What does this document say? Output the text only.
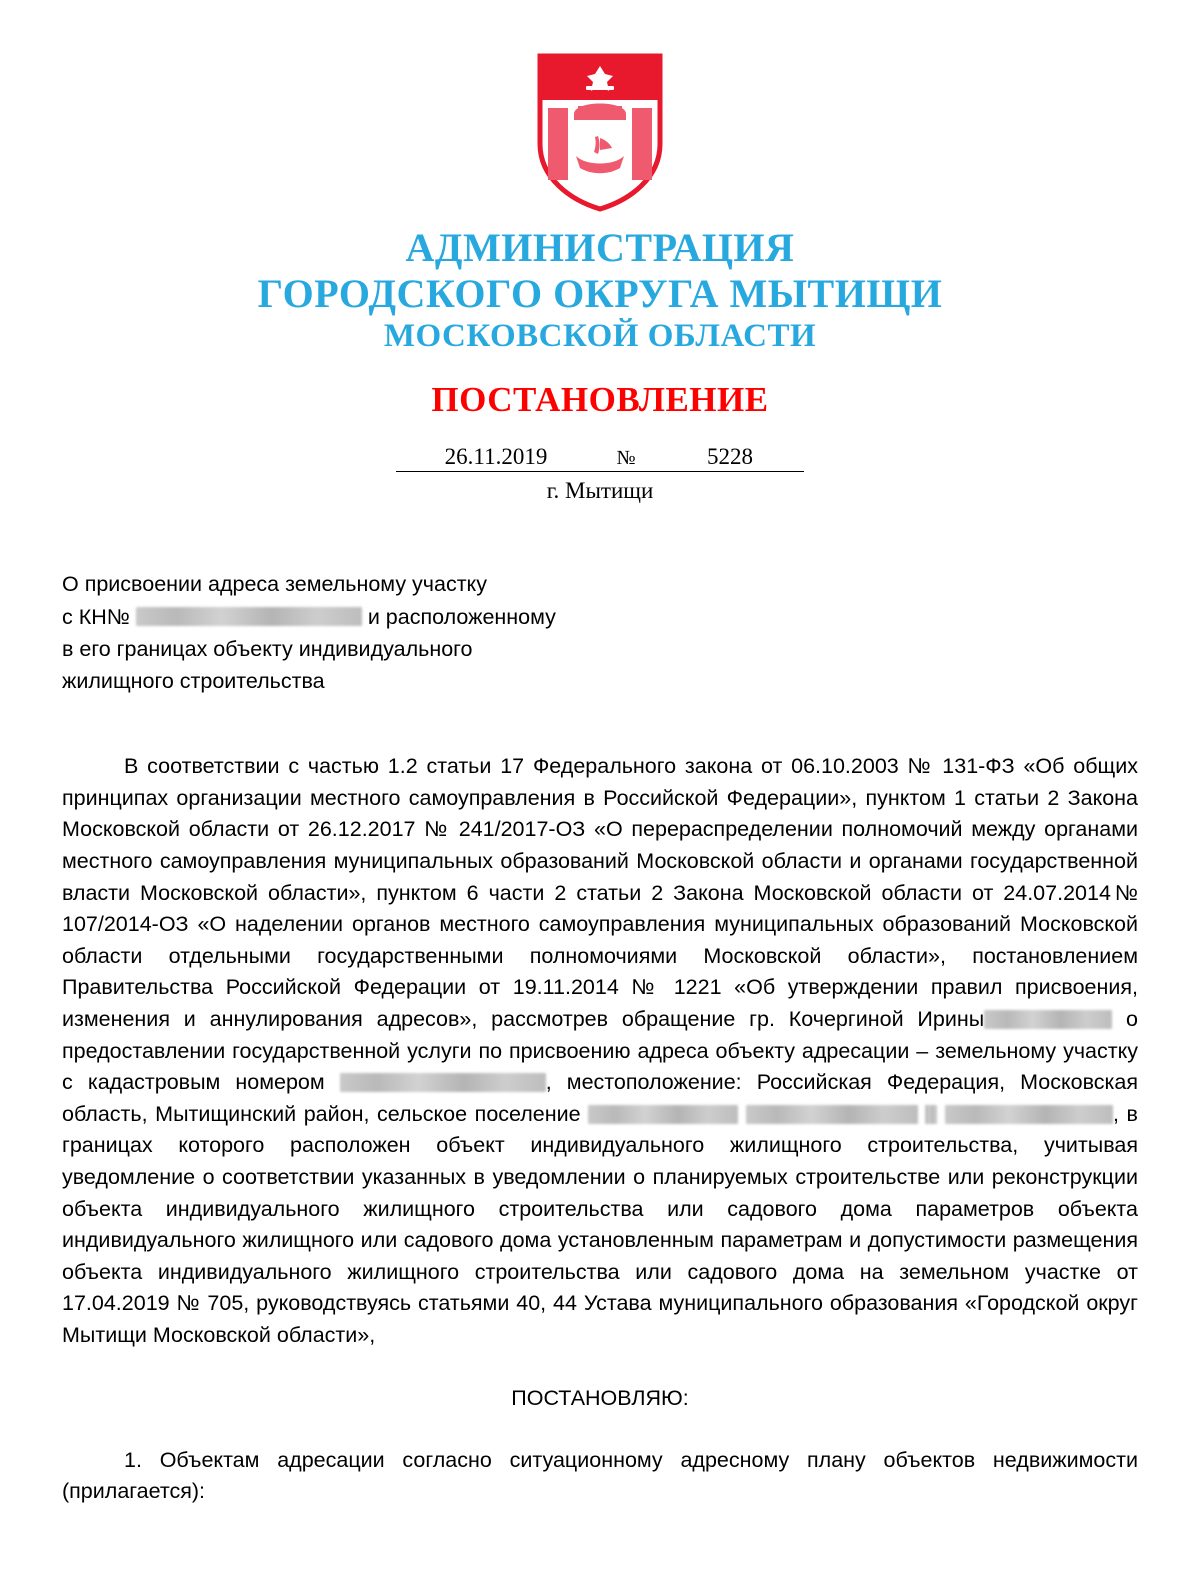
АДМИНИСТРАЦИЯ
ГОРОДСКОГО ОКРУГА МЫТИЩИ
МОСКОВСКОЙ ОБЛАСТИ
ПОСТАНОВЛЕНИЕ
26.11.2019	№	5228
г. Мытищи
О присвоении адреса земельному участку
с КН№	и расположенному
в его границах объекту индивидуального
жилищного строительства

В соответствии с частью 1.2 статьи 17 Федерального закона от 06.10.2003 № 131-ФЗ «Об общих принципах организации местного самоуправления в Российской Федерации», пунктом 1 статьи 2 Закона Московской области от 26.12.2017 № 241/2017-ОЗ «О перераспределении полномочий между органами местного самоуправления муниципальных образований Московской области и органами государственной власти Московской области», пунктом 6 части 2 статьи 2 Закона Московской области от 24.07.2014№ 107/2014-ОЗ «О наделении органов местного самоуправления муниципальных образований Московской области отдельными государственными полномочиями Московской области», постановлением Правительства Российской Федерации от 19.11.2014 № 1221 «Об утверждении правил присвоения, изменения и аннулирования адресов», рассмотрев обращение гр. Кочергиной Ирины	о предоставлении государственной услуги по присвоению адреса объекту адресации – земельному участку с кадастровым номером	, местоположение: Российская Федерация, Московская область, Мытищинский район, сельское поселение	, в границах которого расположен объект индивидуального жилищного строительства, учитывая уведомление о соответствии указанных в уведомлении о планируемых строительстве или реконструкции объекта индивидуального жилищного строительства или садового дома параметров объекта индивидуального жилищного или садового дома установленным параметрам и допустимости размещения объекта индивидуального жилищного строительства или садового дома на земельном участке от 17.04.2019 № 705, руководствуясь статьями 40, 44 Устава муниципального образования «Городской округ Мытищи Московской области»,

ПОСТАНОВЛЯЮ:
1. Объектам адресации согласно ситуационному адресному плану объектов недвижимости (прилагается):
